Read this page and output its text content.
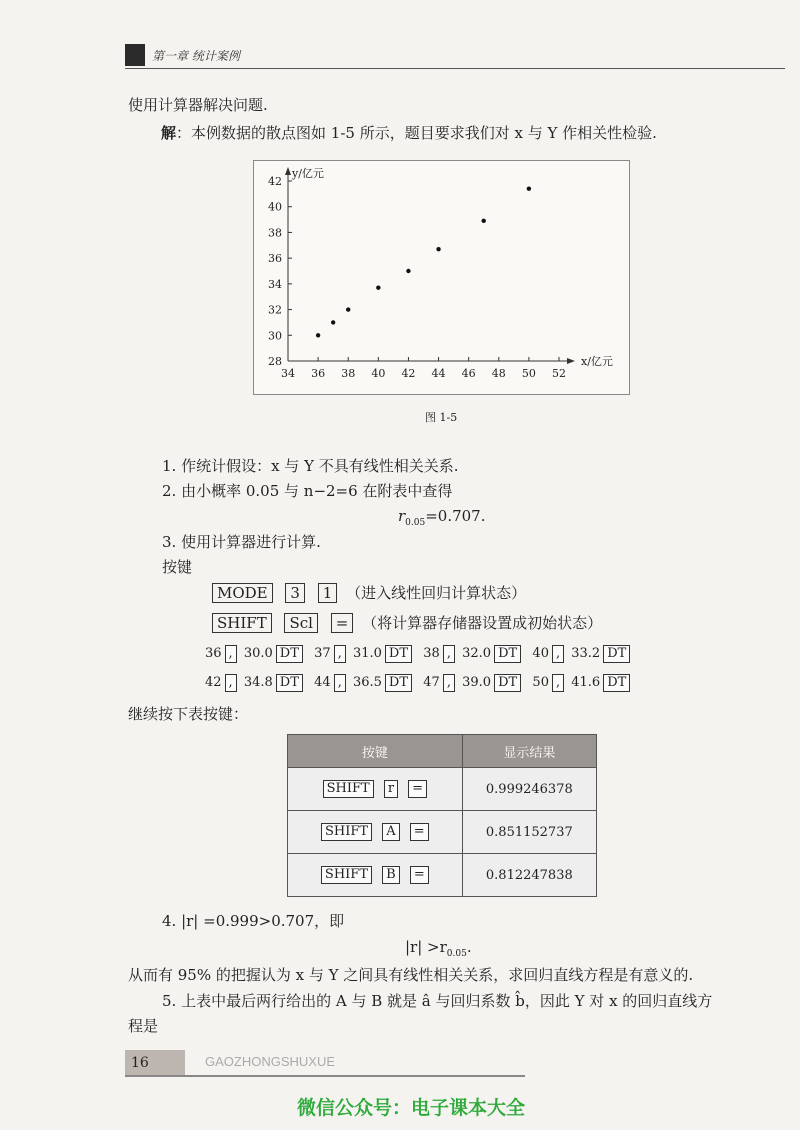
第一章 统计案例
使用计算器解决问题.
解：本例数据的散点图如 1-5 所示，题目要求我们对 x 与 Y 作相关性检验.
34 36 38 40 42 44 46 48 50 52
28
30
32
34
36
38
40
42
x/亿元
y/亿元
图 1-5
1. 作统计假设：x 与 Y 不具有线性相关关系.
2. 由小概率 0.05 与 n−2=6 在附表中查得
$r_{0.05}=0.707$.
3. 使用计算器进行计算.
按键
MODE 3 1 （进入线性回归计算状态）
SHIFT Scl = （将计算器存储器设置成初始状态）
36 , 30.0 DT 37 , 31.0 DT 38 , 32.0 DT 40 , 33.2 DT
42 , 34.8 DT 44 , 36.5 DT 47 , 39.0 DT 50 , 41.6 DT
继续按下表按键：
按键	显示结果
SHIFT r =	0.999246378
SHIFT A =	0.851152737
SHIFT B =	0.812247838
4. |r| =0.999>0.707，即
$|r| >r_{0.05}$.
从而有 95% 的把握认为 x 与 Y 之间具有线性相关关系，求回归直线方程是有意义的.
5. 上表中最后两行给出的 A 与 B 就是 â 与回归系数 b̂，因此 Y 对 x 的回归直线方
程是
16	GAOZHONGSHUXUE
微信公众号：电子课本大全
